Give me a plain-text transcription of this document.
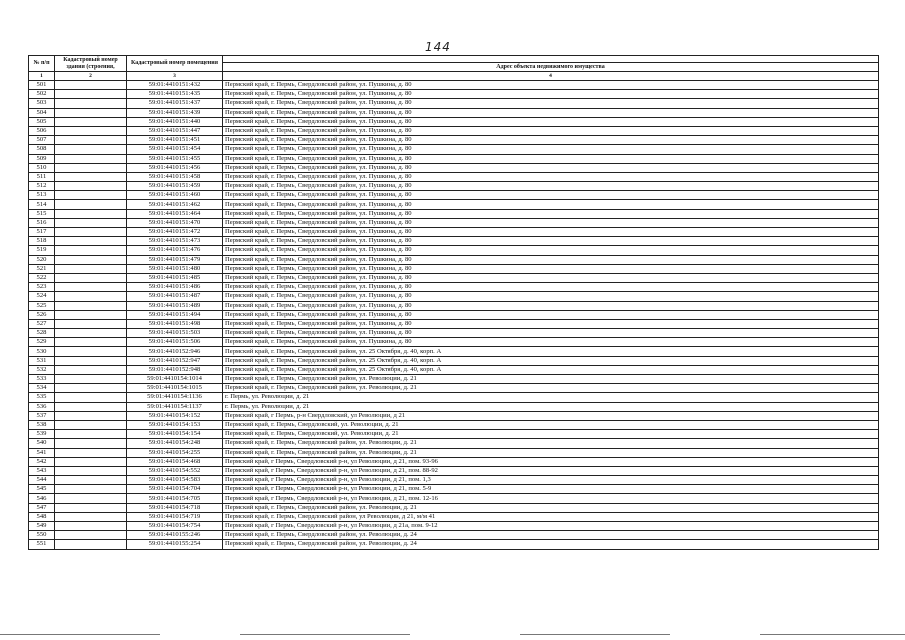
144
№ п/п	Кадастровый номер здания (строения,	Кадастровый номер помещения	
			Адрес объекта недвижимого имущества
1	2	3	4
501		59:01:4410151:432	Пермский край, г. Пермь, Свердловский район, ул. Пушкина, д. 80
502		59:01:4410151:435	Пермский край, г. Пермь, Свердловский район, ул. Пушкина, д. 80
503		59:01:4410151:437	Пермский край, г. Пермь, Свердловский район, ул. Пушкина, д. 80
504		59:01:4410151:439	Пермский край, г. Пермь, Свердловский район, ул. Пушкина, д. 80
505		59:01:4410151:440	Пермский край, г. Пермь, Свердловский район, ул. Пушкина, д. 80
506		59:01:4410151:447	Пермский край, г. Пермь, Свердловский район, ул. Пушкина, д. 80
507		59:01:4410151:451	Пермский край, г. Пермь, Свердловский район, ул. Пушкина, д. 80
508		59:01:4410151:454	Пермский край, г. Пермь, Свердловский район, ул. Пушкина, д. 80
509		59:01:4410151:455	Пермский край, г. Пермь, Свердловский район, ул. Пушкина, д. 80
510		59:01:4410151:456	Пермский край, г. Пермь, Свердловский район, ул. Пушкина, д. 80
511		59:01:4410151:458	Пермский край, г. Пермь, Свердловский район, ул. Пушкина, д. 80
512		59:01:4410151:459	Пермский край, г. Пермь, Свердловский район, ул. Пушкина, д. 80
513		59:01:4410151:460	Пермский край, г. Пермь, Свердловский район, ул. Пушкина, д. 80
514		59:01:4410151:462	Пермский край, г. Пермь, Свердловский район, ул. Пушкина, д. 80
515		59:01:4410151:464	Пермский край, г. Пермь, Свердловский район, ул. Пушкина, д. 80
516		59:01:4410151:470	Пермский край, г. Пермь, Свердловский район, ул. Пушкина, д. 80
517		59:01:4410151:472	Пермский край, г. Пермь, Свердловский район, ул. Пушкина, д. 80
518		59:01:4410151:473	Пермский край, г. Пермь, Свердловский район, ул. Пушкина, д. 80
519		59:01:4410151:476	Пермский край, г. Пермь, Свердловский район, ул. Пушкина, д. 80
520		59:01:4410151:479	Пермский край, г. Пермь, Свердловский район, ул. Пушкина, д. 80
521		59:01:4410151:480	Пермский край, г. Пермь, Свердловский район, ул. Пушкина, д. 80
522		59:01:4410151:485	Пермский край, г. Пермь, Свердловский район, ул. Пушкина, д. 80
523		59:01:4410151:486	Пермский край, г. Пермь, Свердловский район, ул. Пушкина, д. 80
524		59:01:4410151:487	Пермский край, г. Пермь, Свердловский район, ул. Пушкина, д. 80
525		59:01:4410151:489	Пермский край, г. Пермь, Свердловский район, ул. Пушкина, д. 80
526		59:01:4410151:494	Пермский край, г. Пермь, Свердловский район, ул. Пушкина, д. 80
527		59:01:4410151:498	Пермский край, г. Пермь, Свердловский район, ул. Пушкина, д. 80
528		59:01:4410151:503	Пермский край, г. Пермь, Свердловский район, ул. Пушкина, д. 80
529		59:01:4410151:506	Пермский край, г. Пермь, Свердловский район, ул. Пушкина, д. 80
530		59:01:4410152:946	Пермский край, г. Пермь, Свердловский район, ул. 25 Октября, д. 40, корп. А
531		59:01:4410152:947	Пермский край, г. Пермь, Свердловский район, ул. 25 Октября, д. 40, корп. А
532		59:01:4410152:948	Пермский край, г. Пермь, Свердловский район, ул. 25 Октября, д. 40, корп. А
533		59:01:4410154:1014	Пермский край, г. Пермь, Свердловский район, ул. Революции, д. 21
534		59:01:4410154:1015	Пермский край, г. Пермь, Свердловский район, ул. Революции, д. 21
535		59:01:4410154:1136	г. Пермь, ул. Революции, д. 21
536		59:01:4410154:1137	г. Пермь, ул. Революции, д. 21
537		59:01:4410154:152	Пермский край, г Пермь, р-н Свердловский, ул Революции, д 21
538		59:01:4410154:153	Пермский край, г. Пермь, Свердловский, ул. Революции, д. 21
539		59:01:4410154:154	Пермский край, г. Пермь, Свердловский, ул. Революции, д. 21
540		59:01:4410154:248	Пермский край, г. Пермь, Свердловский район, ул. Революции, д. 21
541		59:01:4410154:255	Пермский край, г. Пермь, Свердловский район, ул. Революции, д. 21
542		59:01:4410154:468	Пермский край, г Пермь, Свердловский р-н, ул Революции, д 21, пом. 93-96
543		59:01:4410154:552	Пермский край, г Пермь, Свердловский р-н, ул Революции, д 21, пом. 88-92
544		59:01:4410154:583	Пермский край, г Пермь, Свердловский р-н, ул Революции, д 21, пом. 1,3
545		59:01:4410154:704	Пермский край, г Пермь, Свердловский р-н, ул Революции, д 21, пом. 5-9
546		59:01:4410154:705	Пермский край, г Пермь, Свердловский р-н, ул Революции, д 21, пом. 12-16
547		59:01:4410154:718	Пермский край, г. Пермь, Свердловский район, ул. Революции, д. 21
548		59:01:4410154:719	Пермский край, г. Пермь, Свердловский район, ул Революции, д 21, м/м 41
549		59:01:4410154:754	Пермский край, г Пермь, Свердловский р-н, ул Революции, д 21а, пом. 9-12
550		59:01:4410155:246	Пермский край, г. Пермь, Свердловский район, ул. Революции, д. 24
551		59:01:4410155:254	Пермский край, г. Пермь, Свердловский район, ул. Революции, д. 24
